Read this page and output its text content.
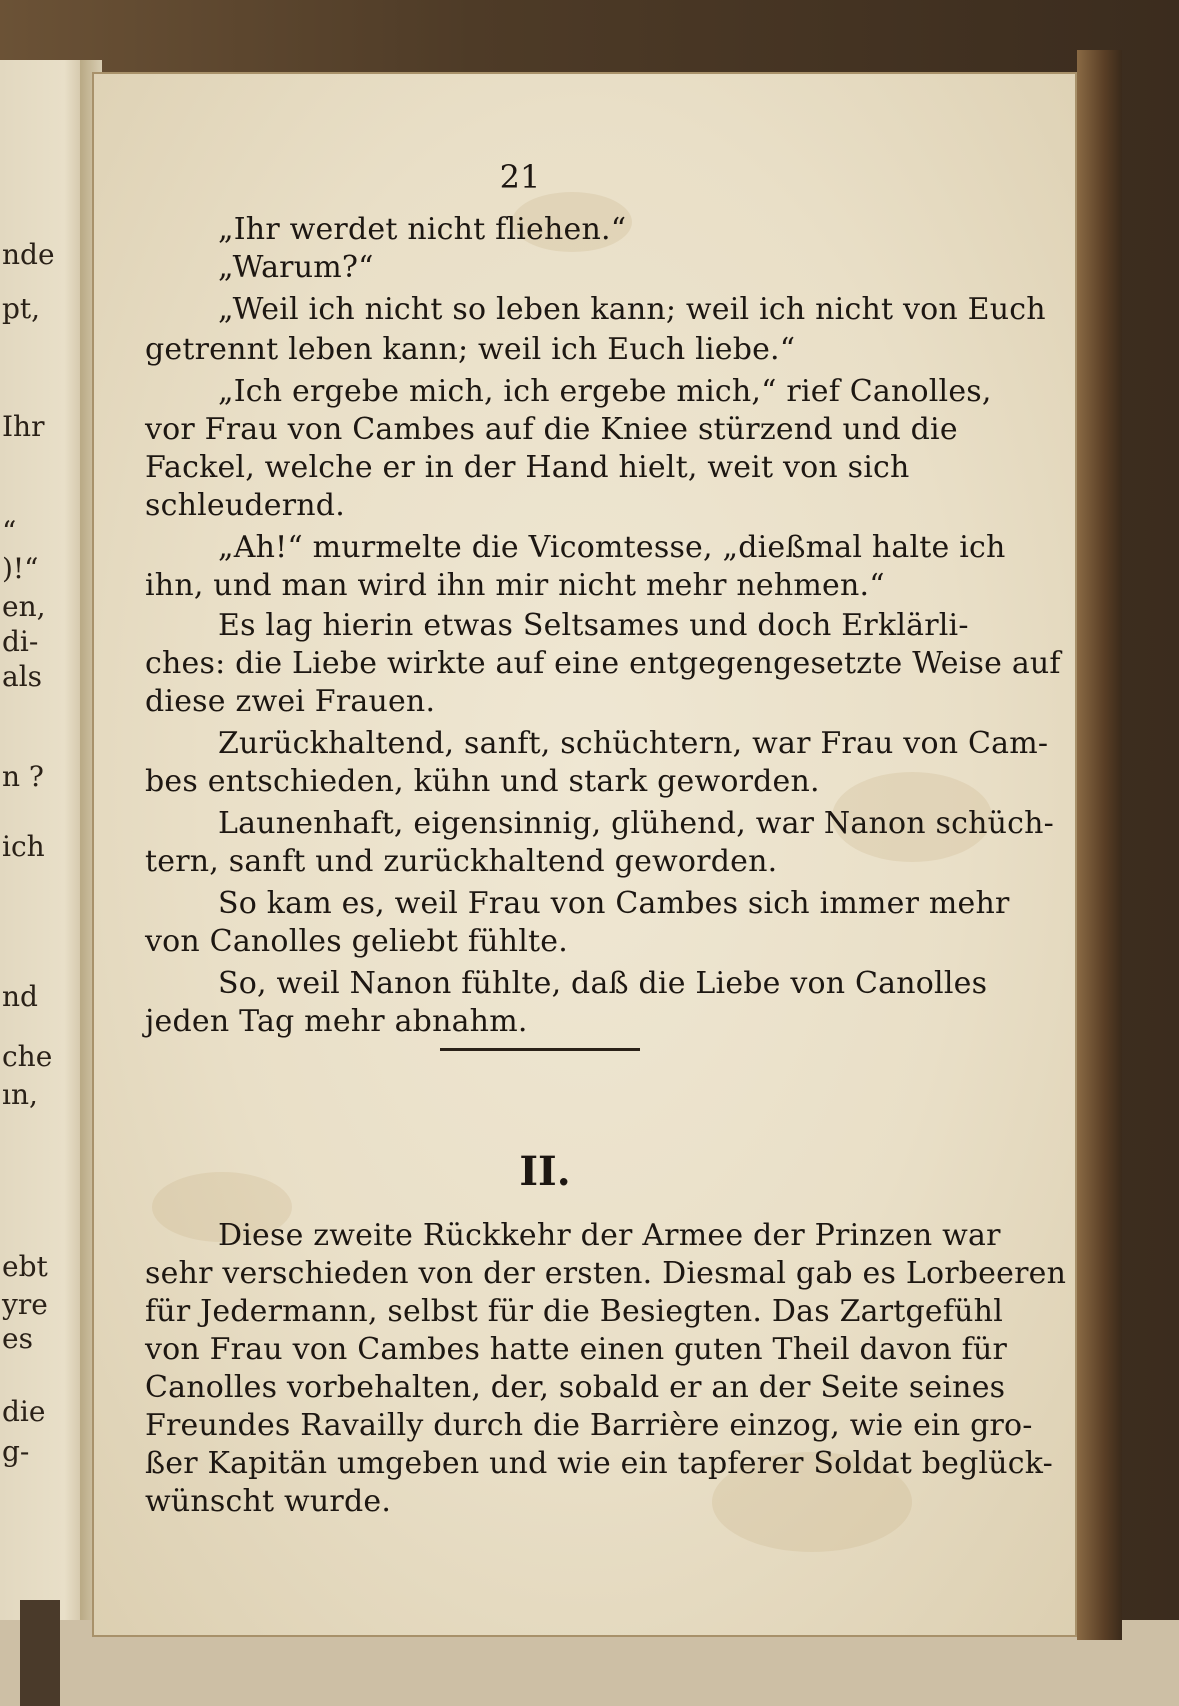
nde
pt,
Ihr
“
)!“
en,
di-
als
n ?
ich
nd
che
ın,
ebt
yre
es
die
g-
21
„Ihr werdet nicht fliehen.“
„Warum?“
„Weil ich nicht so leben kann; weil ich nicht von Euch
getrennt leben kann; weil ich Euch liebe.“
„Ich ergebe mich, ich ergebe mich,“ rief Canolles,
vor Frau von Cambes auf die Kniee stürzend und die
Fackel, welche er in der Hand hielt, weit von sich
schleudernd.
„Ah!“ murmelte die Vicomtesse, „dießmal halte ich
ihn, und man wird ihn mir nicht mehr nehmen.“
Es lag hierin etwas Seltsames und doch Erklärli-
ches: die Liebe wirkte auf eine entgegengesetzte Weise auf
diese zwei Frauen.
Zurückhaltend, sanft, schüchtern, war Frau von Cam-
bes entschieden, kühn und stark geworden.
Launenhaft, eigensinnig, glühend, war Nanon schüch-
tern, sanft und zurückhaltend geworden.
So kam es, weil Frau von Cambes sich immer mehr
von Canolles geliebt fühlte.
So, weil Nanon fühlte, daß die Liebe von Canolles
jeden Tag mehr abnahm.
II.
Diese zweite Rückkehr der Armee der Prinzen war
sehr verschieden von der ersten. Diesmal gab es Lorbeeren
für Jedermann, selbst für die Besiegten. Das Zartgefühl
von Frau von Cambes hatte einen guten Theil davon für
Canolles vorbehalten, der, sobald er an der Seite seines
Freundes Ravailly durch die Barrière einzog, wie ein gro-
ßer Kapitän umgeben und wie ein tapferer Soldat beglück-
wünscht wurde.
